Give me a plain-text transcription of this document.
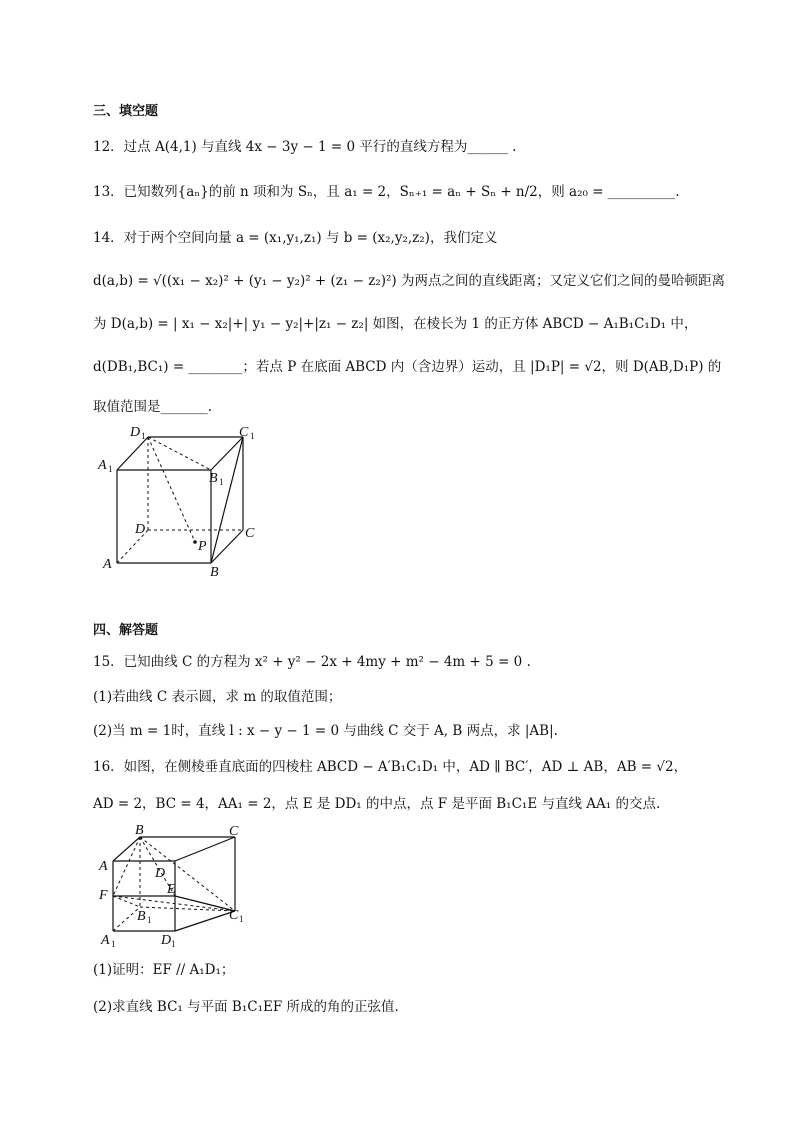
三、填空题
12．过点 A(4,1) 与直线 4x − 3y − 1 = 0 平行的直线方程为______ .
13．已知数列{aₙ}的前 n 项和为 Sₙ，且 a₁ = 2，Sₙ₊₁ = aₙ + Sₙ + n/2，则 a₂₀ = __________.
14．对于两个空间向量 a = (x₁,y₁,z₁) 与 b = (x₂,y₂,z₂)，我们定义
d(a,b) = √((x₁ − x₂)² + (y₁ − y₂)² + (z₁ − z₂)²) 为两点之间的直线距离；又定义它们之间的曼哈顿距离
为 D(a,b) = | x₁ − x₂|+| y₁ − y₂|+|z₁ − z₂| 如图，在棱长为 1 的正方体 ABCD − A₁B₁C₁D₁ 中，
d(DB₁,BC₁) = ________；若点 P 在底面 ABCD 内（含边界）运动，且 |D₁P| = √2，则 D(AB,D₁P) 的
取值范围是_______.
D 1	C 1
A 1
B 1
D	C
P
A
B
四、解答题
15．已知曲线 C 的方程为 x² + y² − 2x + 4my + m² − 4m + 5 = 0 .
(1)若曲线 C 表示圆，求 m 的取值范围；
(2)当 m = 1时，直线 l : x − y − 1 = 0 与曲线 C 交于 A, B 两点，求 |AB|.
16．如图，在侧棱垂直底面的四棱柱 ABCD − A′B₁C₁D₁ 中，AD ∥ BC′，AD ⊥ AB，AB = √2，
AD = 2，BC = 4，AA₁ = 2，点 E 是 DD₁ 的中点，点 F 是平面 B₁C₁E 与直线 AA₁ 的交点.
B	C
A	D
E
F
B 1	C 1
A 1	D 1
(1)证明：EF // A₁D₁；
(2)求直线 BC₁ 与平面 B₁C₁EF 所成的角的正弦值.
